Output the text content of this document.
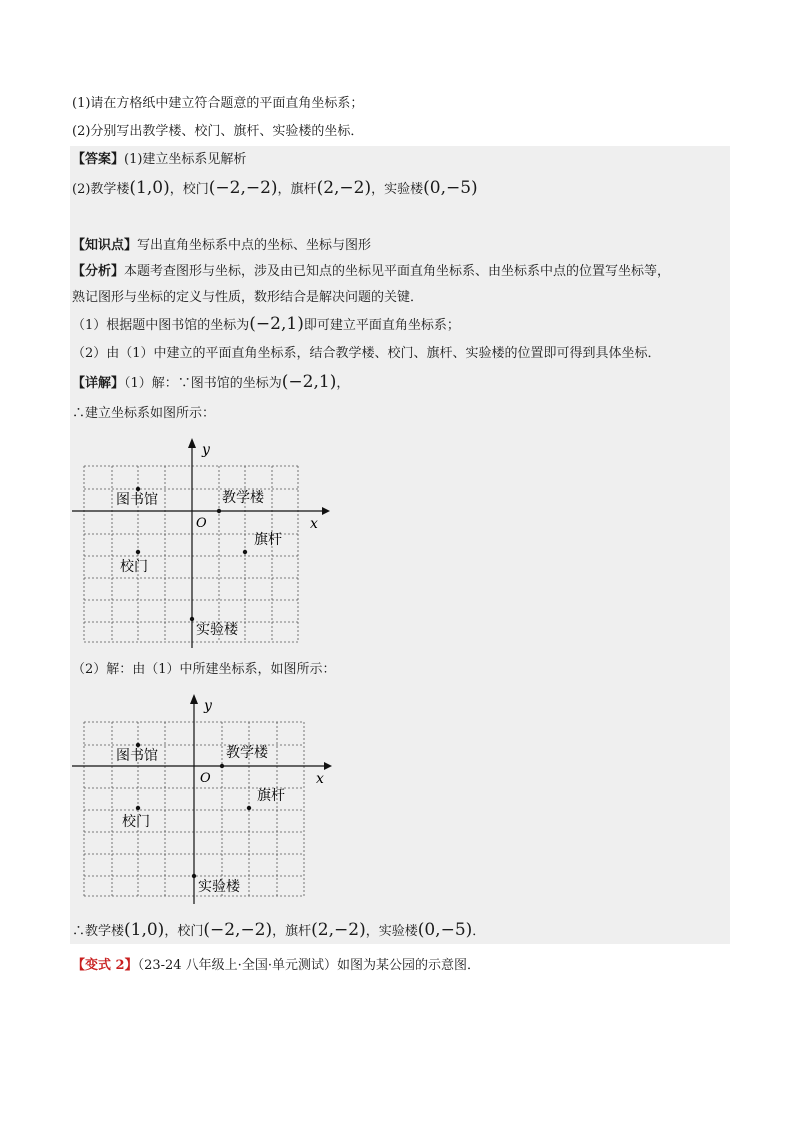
(1)请在方格纸中建立符合题意的平面直角坐标系；
(2)分别写出教学楼、校门、旗杆、实验楼的坐标．
【答案】(1)建立坐标系见解析
(2)教学楼(1,0)，校门(−2,−2)，旗杆(2,−2)，实验楼(0,−5)
【知识点】写出直角坐标系中点的坐标、坐标与图形
【分析】本题考查图形与坐标，涉及由已知点的坐标见平面直角坐标系、由坐标系中点的位置写坐标等，
熟记图形与坐标的定义与性质，数形结合是解决问题的关键．
（1）根据题中图书馆的坐标为(−2,1)即可建立平面直角坐标系；
（2）由（1）中建立的平面直角坐标系，结合教学楼、校门、旗杆、实验楼的位置即可得到具体坐标．
【详解】（1）解：∵图书馆的坐标为(−2,1)，
∴建立坐标系如图所示：
x
y
O
图书馆	教学楼
旗杆
校门
实验楼
（2）解：由（1）中所建坐标系，如图所示：
x
y
O
图书馆	教学楼
旗杆
校门
实验楼
∴教学楼(1,0)，校门(−2,−2)，旗杆(2,−2)，实验楼(0,−5)．
【变式 2】（23-24 八年级上·全国·单元测试）如图为某公园的示意图．
